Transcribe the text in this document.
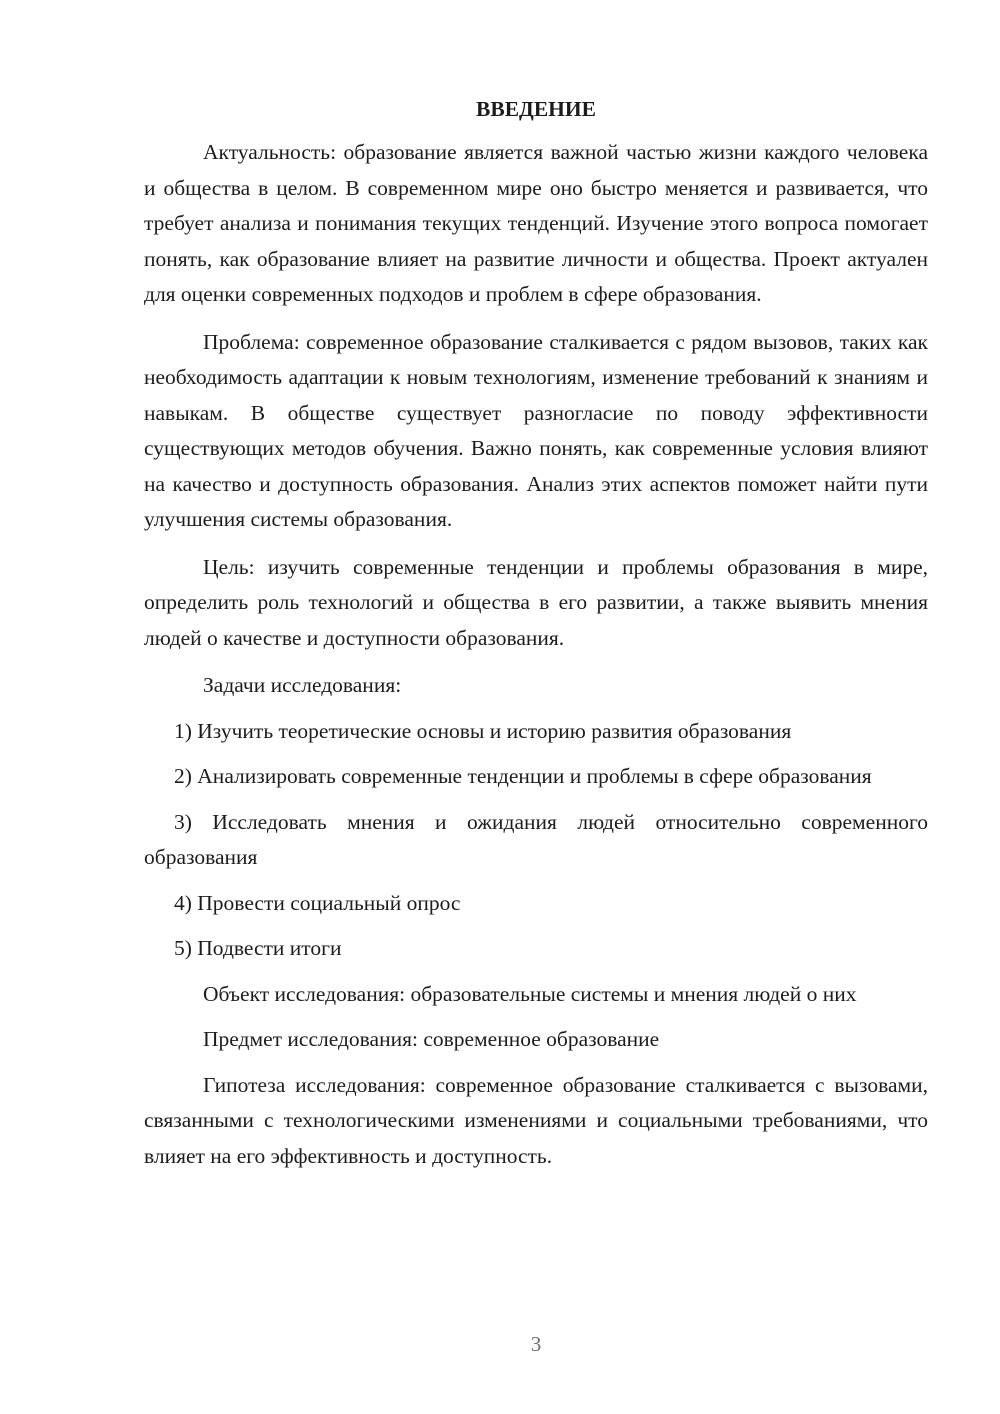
ВВЕДЕНИЕ

Актуальность: образование является важной частью жизни каждого человека и общества в целом. В современном мире оно быстро меняется и развивается, что требует анализа и понимания текущих тенденций. Изучение этого вопроса помогает понять, как образование влияет на развитие личности и общества. Проект актуален для оценки современных подходов и проблем в сфере образования.

Проблема: современное образование сталкивается с рядом вызовов, таких как необходимость адаптации к новым технологиям, изменение требований к знаниям и навыкам. В обществе существует разногласие по поводу эффективности существующих методов обучения. Важно понять, как современные условия влияют на качество и доступность образования. Анализ этих аспектов поможет найти пути улучшения системы образования.

Цель: изучить современные тенденции и проблемы образования в мире, определить роль технологий и общества в его развитии, а также выявить мнения людей о качестве и доступности образования.

Задачи исследования:

1) Изучить теоретические основы и историю развития образования

2) Анализировать современные тенденции и проблемы в сфере образования

3) Исследовать мнения и ожидания людей относительно современного образования

4) Провести социальный опрос

5) Подвести итоги

Объект исследования: образовательные системы и мнения людей о них

Предмет исследования: современное образование

Гипотеза исследования: современное образование сталкивается с вызовами, связанными с технологическими изменениями и социальными требованиями, что влияет на его эффективность и доступность.

3
